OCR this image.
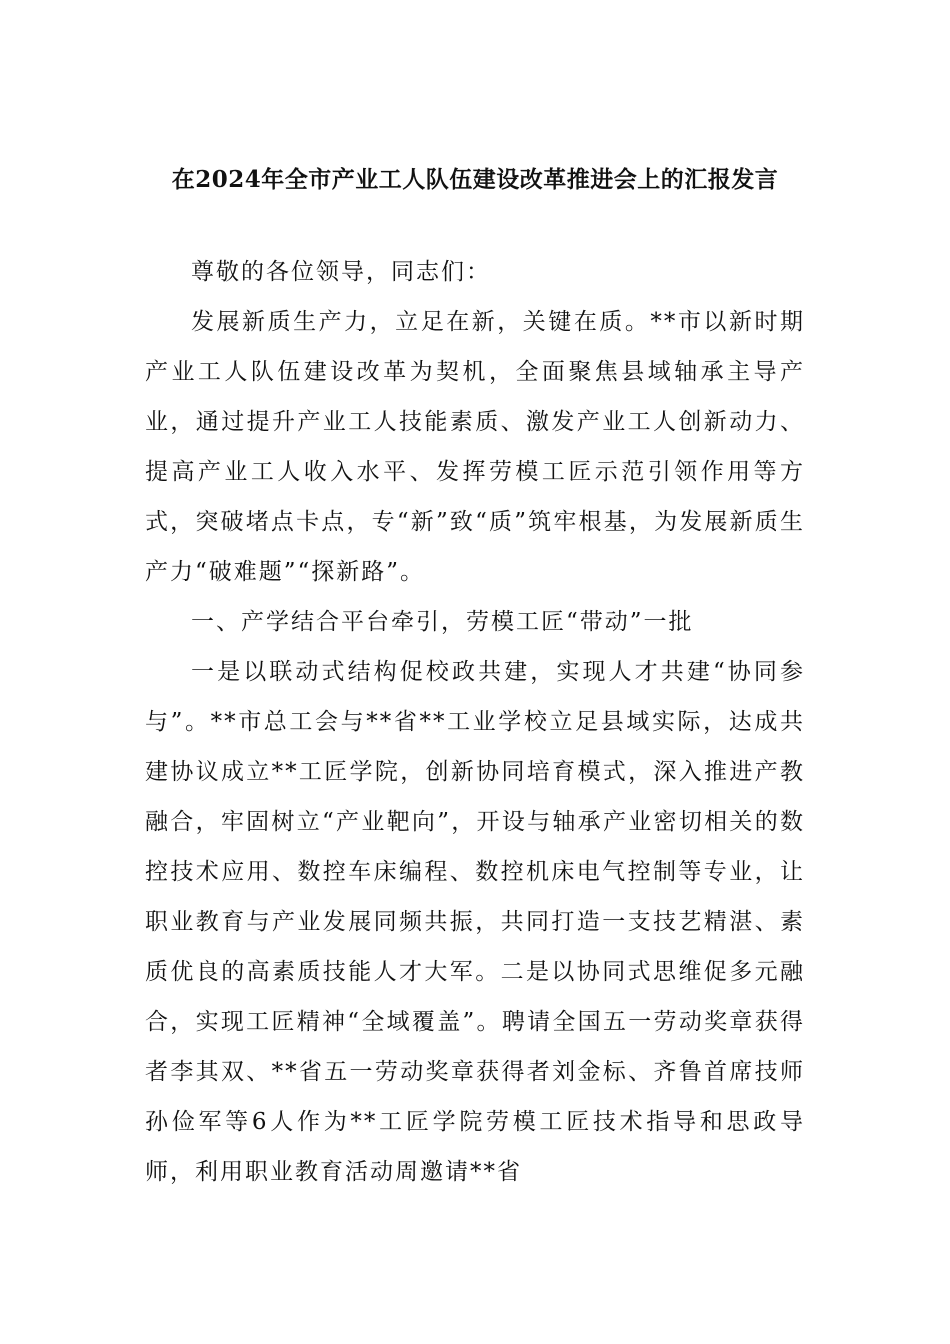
在2024年全市产业工人队伍建设改革推进会上的汇报发言

尊敬的各位领导，同志们：

发展新质生产力，立足在新，关键在质。**市以新时期产业工人队伍建设改革为契机，全面聚焦县域轴承主导产业，通过提升产业工人技能素质、激发产业工人创新动力、提高产业工人收入水平、发挥劳模工匠示范引领作用等方式，突破堵点卡点，专“新”致“质”筑牢根基，为发展新质生产力“破难题”“探新路”。

一、产学结合平台牵引，劳模工匠“带动”一批

一是以联动式结构促校政共建，实现人才共建“协同参与”。**市总工会与**省**工业学校立足县域实际，达成共建协议成立**工匠学院，创新协同培育模式，深入推进产教融合，牢固树立“产业靶向”，开设与轴承产业密切相关的数控技术应用、数控车床编程、数控机床电气控制等专业，让职业教育与产业发展同频共振，共同打造一支技艺精湛、素质优良的高素质技能人才大军。二是以协同式思维促多元融合，实现工匠精神“全域覆盖”。聘请全国五一劳动奖章获得者李其双、**省五一劳动奖章获得者刘金标、齐鲁首席技师孙俭军等6人作为**工匠学院劳模工匠技术指导和思政导师，利用职业教育活动周邀请**省
